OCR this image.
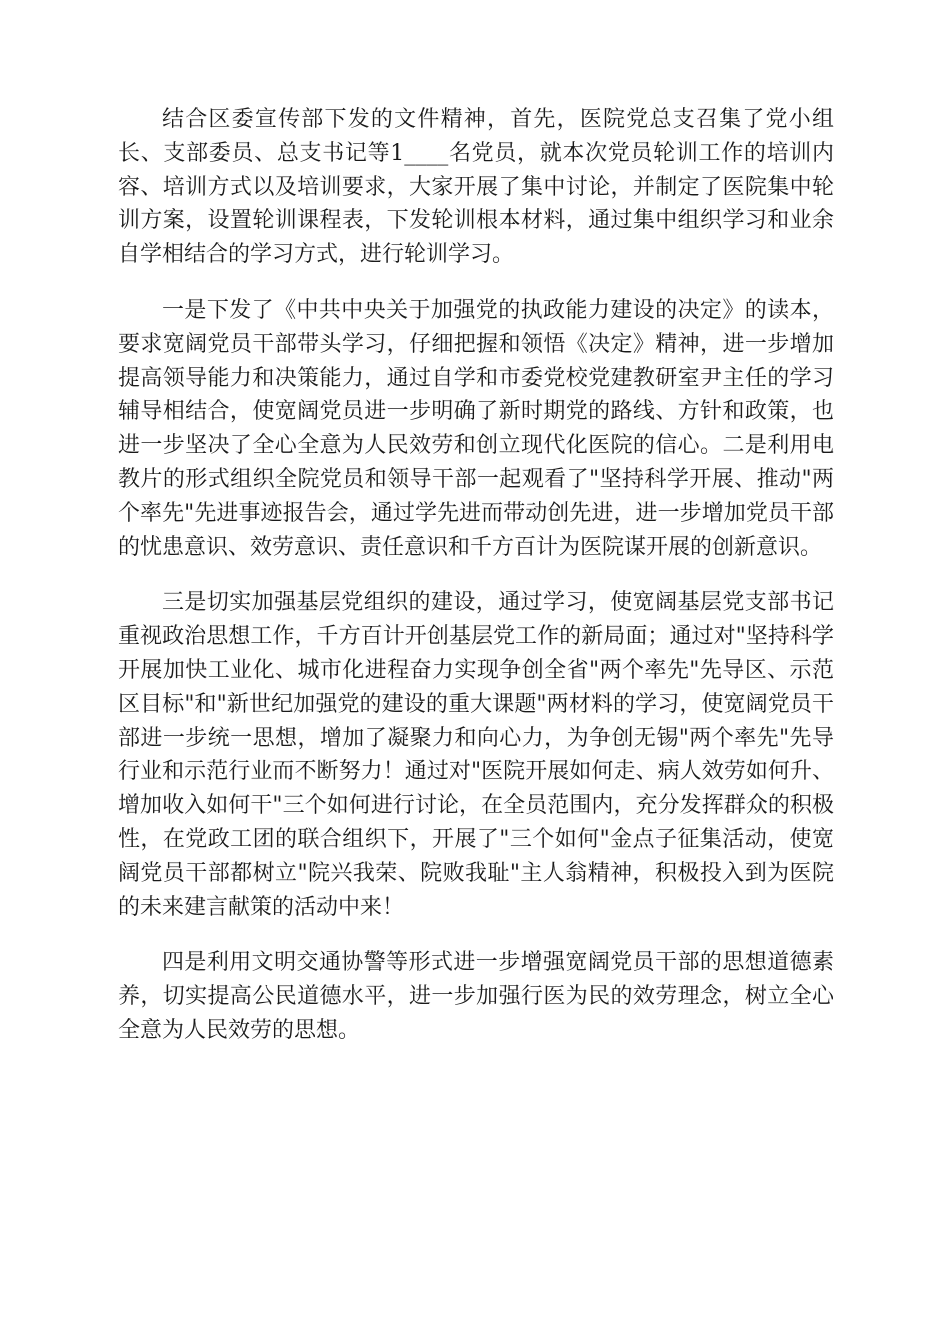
结合区委宣传部下发的文件精神，首先，医院党总支召集了党小组长、支部委员、总支书记等1____名党员，就本次党员轮训工作的培训内容、培训方式以及培训要求，大家开展了集中讨论，并制定了医院集中轮训方案，设置轮训课程表，下发轮训根本材料，通过集中组织学习和业余自学相结合的学习方式，进行轮训学习。

一是下发了《中共中央关于加强党的执政能力建设的决定》的读本，要求宽阔党员干部带头学习，仔细把握和领悟《决定》精神，进一步增加提高领导能力和决策能力，通过自学和市委党校党建教研室尹主任的学习辅导相结合，使宽阔党员进一步明确了新时期党的路线、方针和政策，也进一步坚决了全心全意为人民效劳和创立现代化医院的信心。二是利用电教片的形式组织全院党员和领导干部一起观看了"坚持科学开展、推动"两个率先"先进事迹报告会，通过学先进而带动创先进，进一步增加党员干部的忧患意识、效劳意识、责任意识和千方百计为医院谋开展的创新意识。

三是切实加强基层党组织的建设，通过学习，使宽阔基层党支部书记重视政治思想工作，千方百计开创基层党工作的新局面；通过对"坚持科学开展加快工业化、城市化进程奋力实现争创全省"两个率先"先导区、示范区目标"和"新世纪加强党的建设的重大课题"两材料的学习，使宽阔党员干部进一步统一思想，增加了凝聚力和向心力，为争创无锡"两个率先"先导行业和示范行业而不断努力！通过对"医院开展如何走、病人效劳如何升、增加收入如何干"三个如何进行讨论，在全员范围内，充分发挥群众的积极性，在党政工团的联合组织下，开展了"三个如何"金点子征集活动，使宽阔党员干部都树立"院兴我荣、院败我耻"主人翁精神，积极投入到为医院的未来建言献策的活动中来！

四是利用文明交通协警等形式进一步增强宽阔党员干部的思想道德素养，切实提高公民道德水平，进一步加强行医为民的效劳理念，树立全心全意为人民效劳的思想。
